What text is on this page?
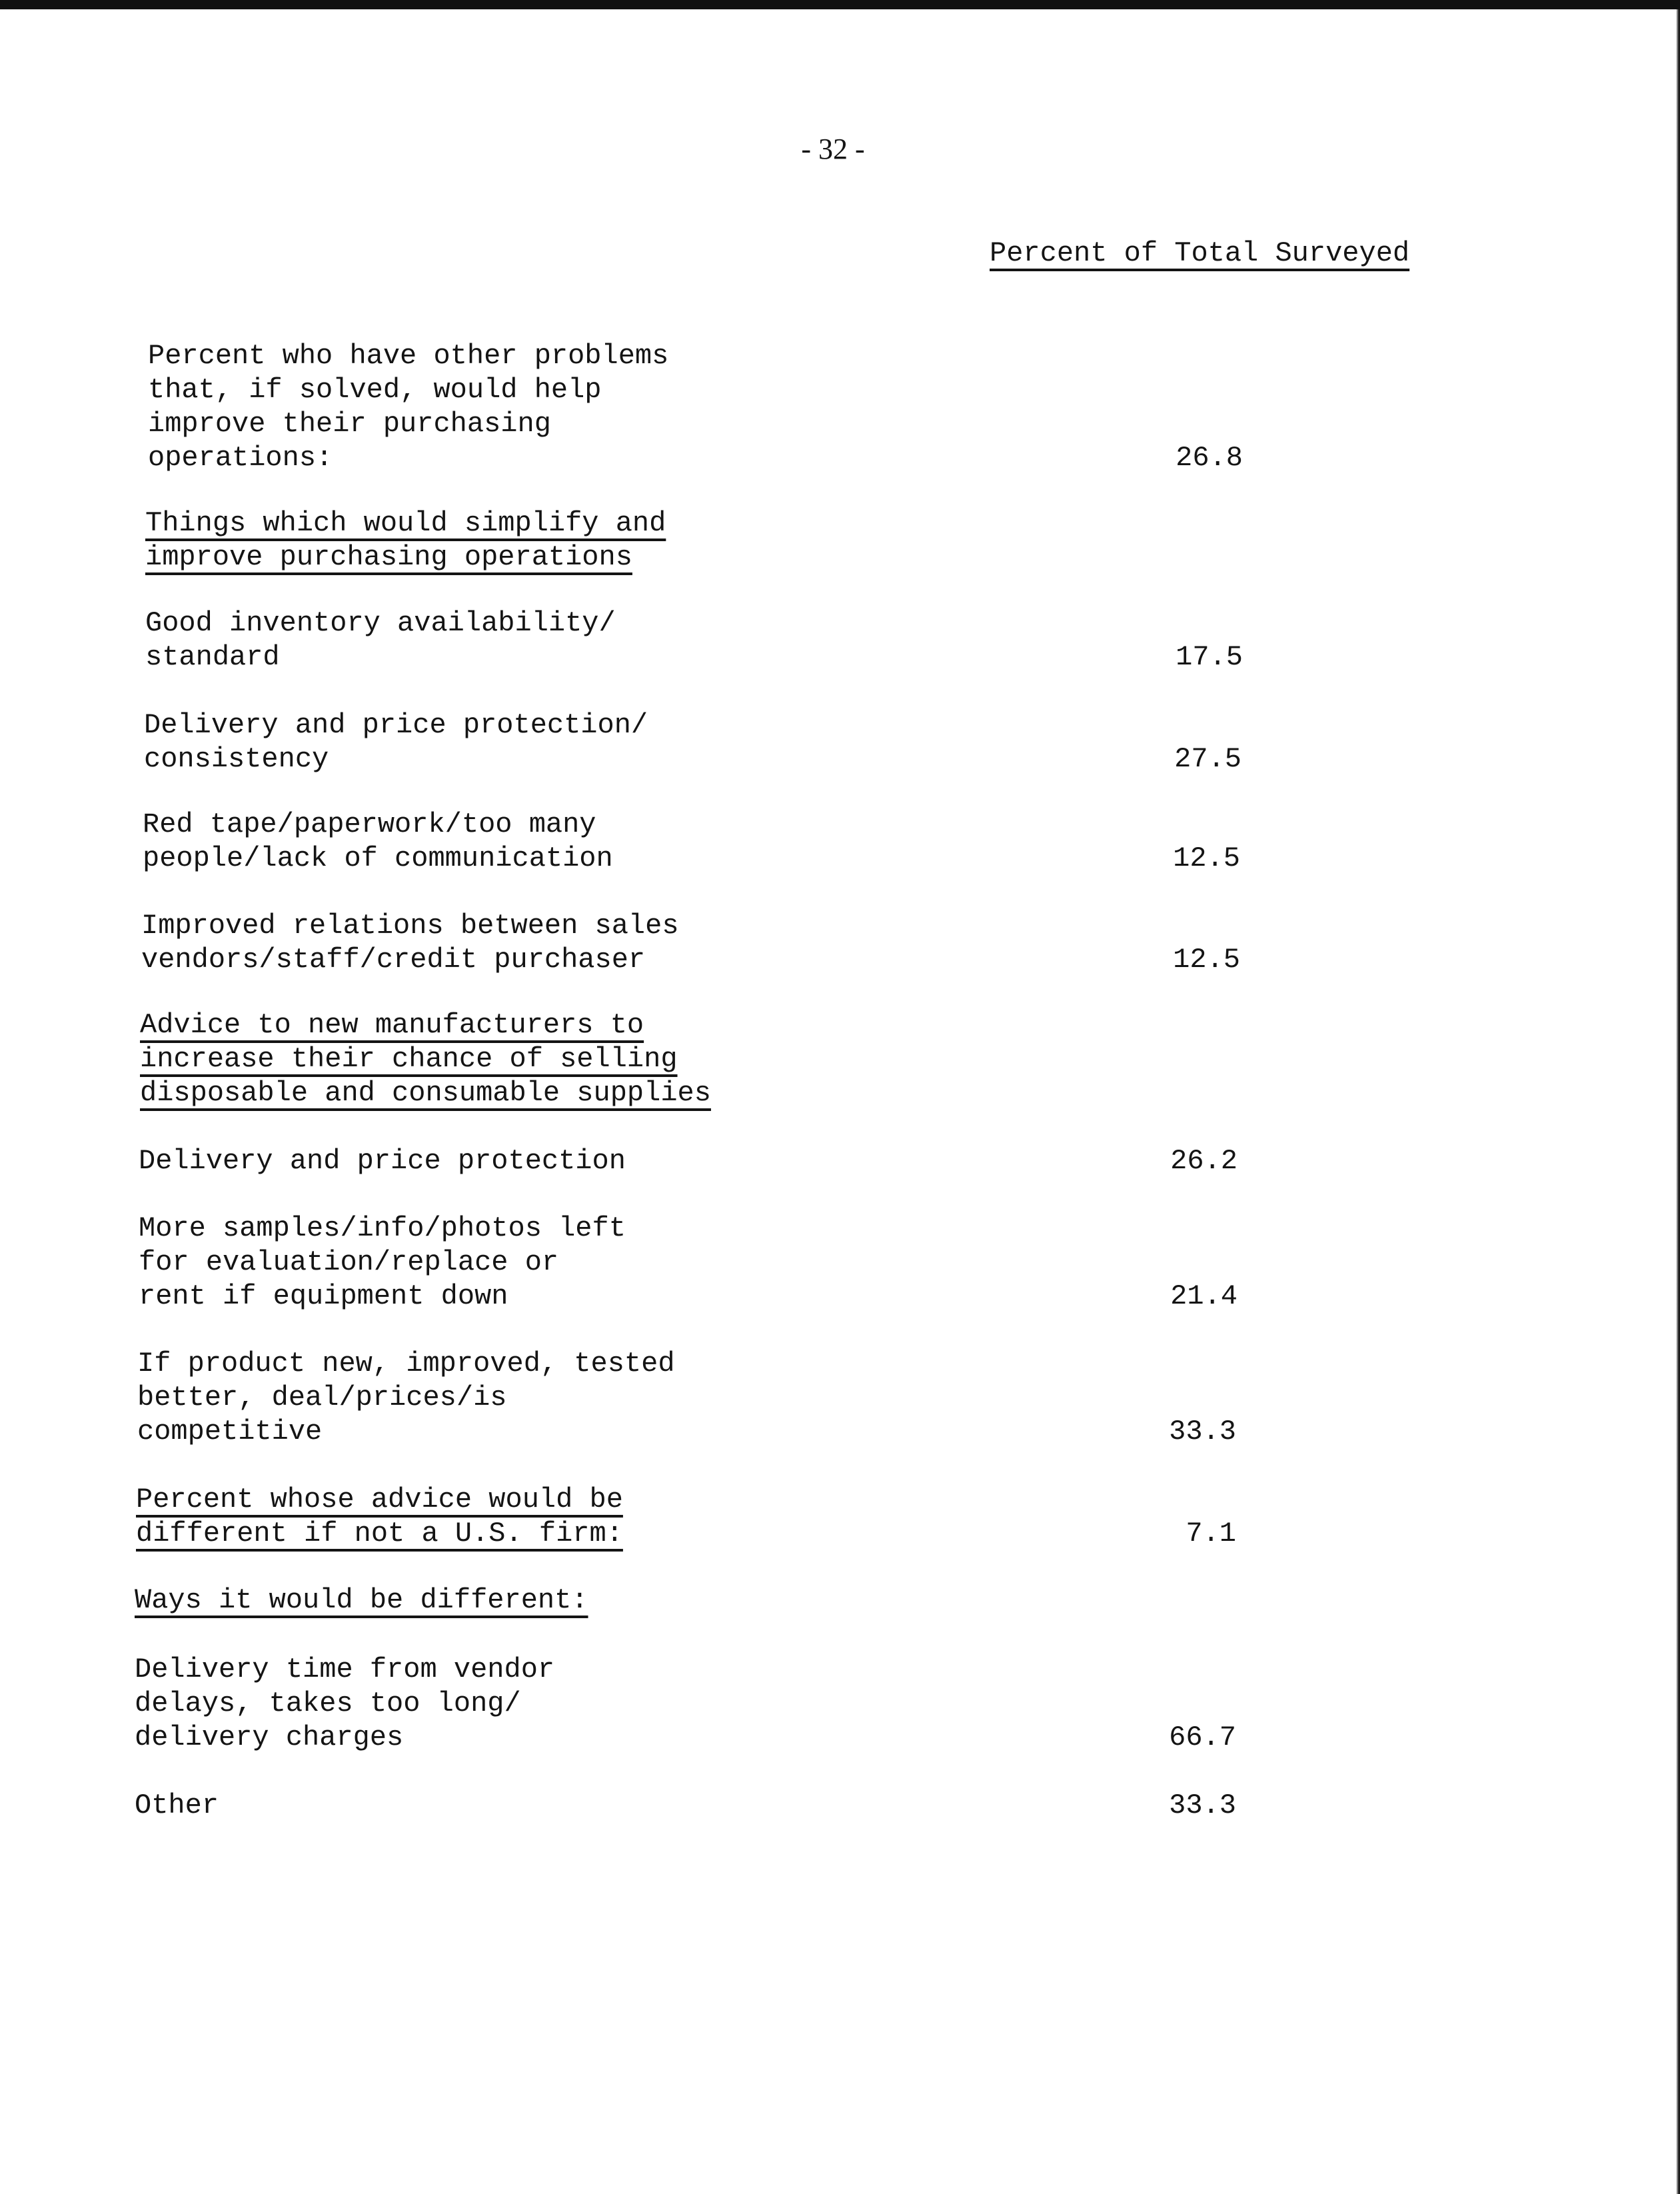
- 32 -
Percent of Total Surveyed
Percent who have other problems
that, if solved, would help
improve their purchasing
operations:	26.8
Things which would simplify and
improve purchasing operations
Good inventory availability/
standard	17.5
Delivery and price protection/
consistency	27.5
Red tape/paperwork/too many
people/lack of communication	12.5
Improved relations between sales
vendors/staff/credit purchaser	12.5
Advice to new manufacturers to
increase their chance of selling
disposable and consumable supplies
Delivery and price protection	26.2
More samples/info/photos left
for evaluation/replace or
rent if equipment down	21.4
If product new, improved, tested
better, deal/prices/is
competitive	33.3
Percent whose advice would be
different if not a U.S. firm:	7.1
Ways it would be different:
Delivery time from vendor
delays, takes too long/
delivery charges	66.7
Other	33.3
